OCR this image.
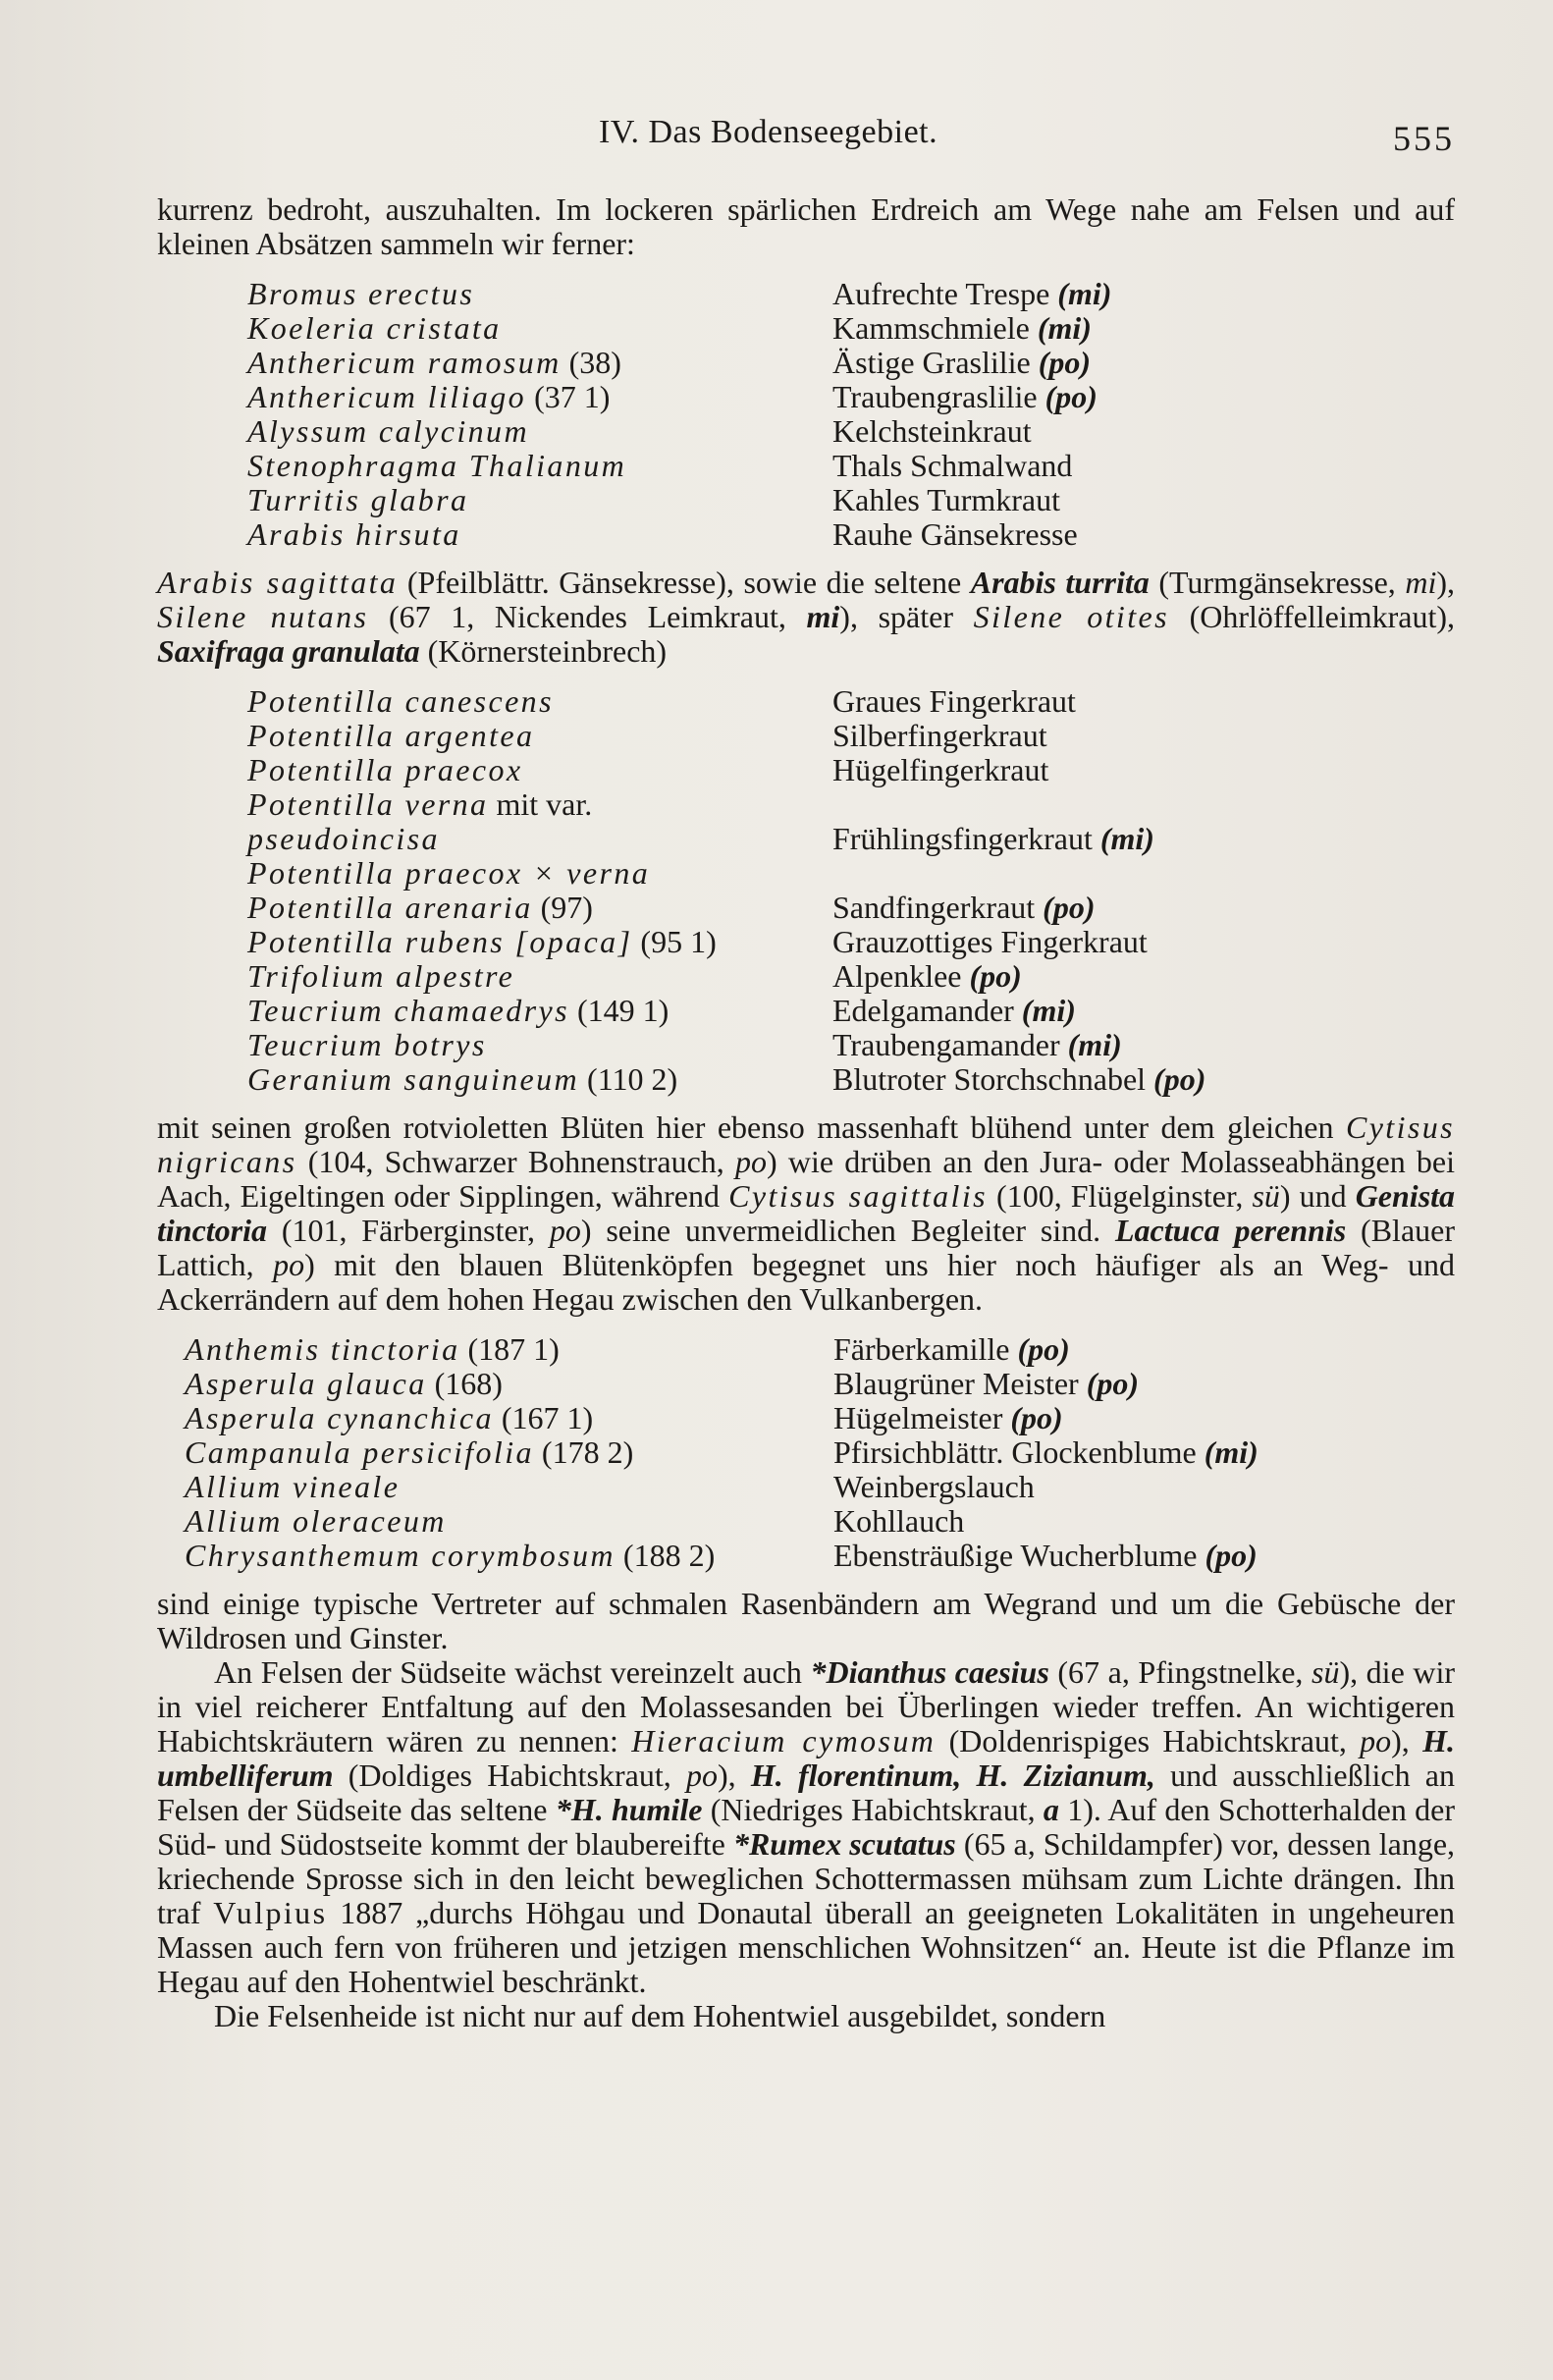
IV. Das Bodenseegebiet.	555

kurrenz bedroht, auszuhalten. Im lockeren spärlichen Erdreich am Wege nahe am Felsen und auf kleinen Absätzen sammeln wir ferner:

Bromus erectus	Aufrechte Trespe (mi)
Koeleria cristata	Kammschmiele (mi)
Anthericum ramosum (38)	Ästige Graslilie (po)
Anthericum liliago (37 1)	Traubengraslilie (po)
Alyssum calycinum	Kelchsteinkraut
Stenophragma Thalianum	Thals Schmalwand
Turritis glabra	Kahles Turmkraut
Arabis hirsuta	Rauhe Gänsekresse

Arabis sagittata (Pfeilblättr. Gänsekresse), sowie die seltene Arabis turrita (Turmgänsekresse, mi), Silene nutans (67 1, Nickendes Leimkraut, mi), später Silene otites (Ohrlöffelleimkraut), Saxifraga granulata (Körnersteinbrech)

Potentilla canescens	Graues Fingerkraut
Potentilla argentea	Silberfingerkraut
Potentilla praecox	Hügelfingerkraut
Potentilla verna mit var.
pseudoincisa	Frühlingsfingerkraut (mi)
Potentilla praecox × verna
Potentilla arenaria (97)	Sandfingerkraut (po)
Potentilla rubens [opaca] (95 1)	Grauzottiges Fingerkraut
Trifolium alpestre	Alpenklee (po)
Teucrium chamaedrys (149 1)	Edelgamander (mi)
Teucrium botrys	Traubengamander (mi)
Geranium sanguineum (110 2)	Blutroter Storchschnabel (po)

mit seinen großen rotvioletten Blüten hier ebenso massenhaft blühend unter dem gleichen Cytisus nigricans (104, Schwarzer Bohnenstrauch, po) wie drüben an den Jura- oder Molasseabhängen bei Aach, Eigeltingen oder Sipplingen, während Cytisus sagittalis (100, Flügelginster, sü) und Genista tinctoria (101, Färberginster, po) seine unvermeidlichen Begleiter sind. Lactuca perennis (Blauer Lattich, po) mit den blauen Blütenköpfen begegnet uns hier noch häufiger als an Weg- und Ackerrändern auf dem hohen Hegau zwischen den Vulkanbergen.

Anthemis tinctoria (187 1)	Färberkamille (po)
Asperula glauca (168)	Blaugrüner Meister (po)
Asperula cynanchica (167 1)	Hügelmeister (po)
Campanula persicifolia (178 2)	Pfirsichblättr. Glockenblume (mi)
Allium vineale	Weinbergslauch
Allium oleraceum	Kohllauch
Chrysanthemum corymbosum (188 2)	Ebensträußige Wucherblume (po)

sind einige typische Vertreter auf schmalen Rasenbändern am Wegrand und um die Gebüsche der Wildrosen und Ginster.

An Felsen der Südseite wächst vereinzelt auch *Dianthus caesius (67 a, Pfingstnelke, sü), die wir in viel reicherer Entfaltung auf den Molassesanden bei Überlingen wieder treffen. An wichtigeren Habichtskräutern wären zu nennen: Hieracium cymosum (Doldenrispiges Habichtskraut, po), H. umbelliferum (Doldiges Habichtskraut, po), H. florentinum, H. Zizianum, und ausschließlich an Felsen der Südseite das seltene *H. humile (Niedriges Habichtskraut, a 1). Auf den Schotterhalden der Süd- und Südostseite kommt der blaubereifte *Rumex scutatus (65 a, Schildampfer) vor, dessen lange, kriechende Sprosse sich in den leicht beweglichen Schottermassen mühsam zum Lichte drängen. Ihn traf Vulpius 1887 „durchs Höhgau und Donautal überall an geeigneten Lokalitäten in ungeheuren Massen auch fern von früheren und jetzigen menschlichen Wohnsitzen“ an. Heute ist die Pflanze im Hegau auf den Hohentwiel beschränkt.

Die Felsenheide ist nicht nur auf dem Hohentwiel ausgebildet, sondern
